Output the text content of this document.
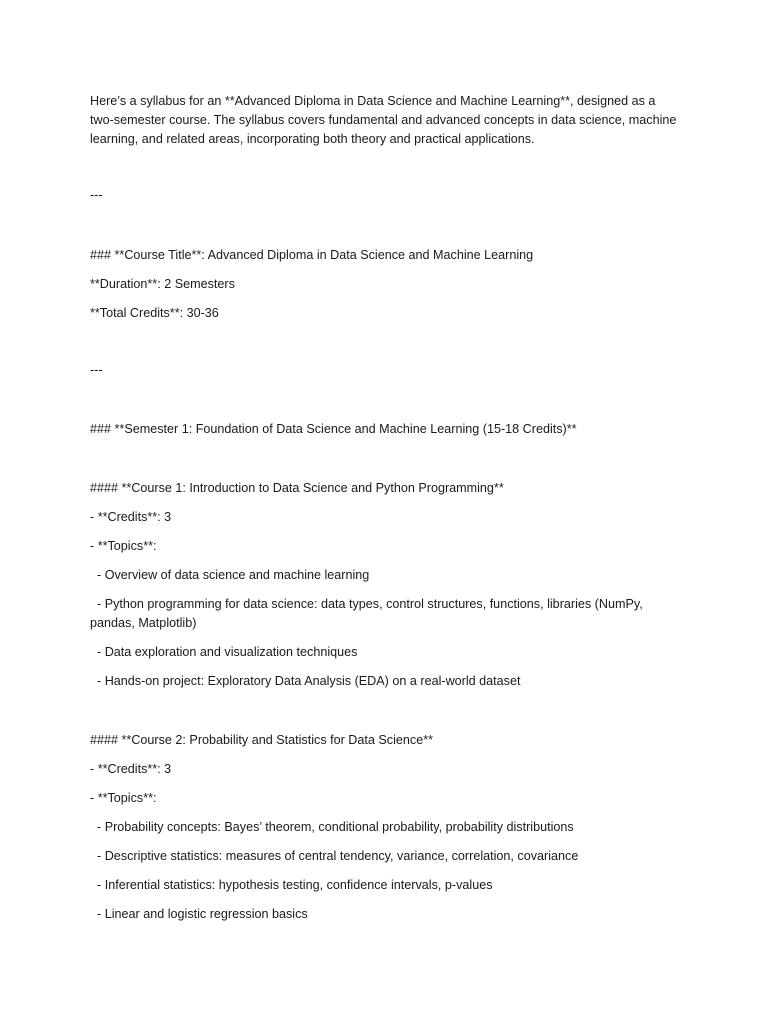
Here’s a syllabus for an **Advanced Diploma in Data Science and Machine Learning**, designed as a two-semester course. The syllabus covers fundamental and advanced concepts in data science, machine learning, and related areas, incorporating both theory and practical applications.

---

### **Course Title**: Advanced Diploma in Data Science and Machine Learning

**Duration**: 2 Semesters

**Total Credits**: 30-36

---

### **Semester 1: Foundation of Data Science and Machine Learning (15-18 Credits)**

#### **Course 1: Introduction to Data Science and Python Programming**

- **Credits**: 3

- **Topics**:

- Overview of data science and machine learning

- Python programming for data science: data types, control structures, functions, libraries (NumPy, pandas, Matplotlib)

- Data exploration and visualization techniques

- Hands-on project: Exploratory Data Analysis (EDA) on a real-world dataset

#### **Course 2: Probability and Statistics for Data Science**

- **Credits**: 3

- **Topics**:

- Probability concepts: Bayes’ theorem, conditional probability, probability distributions

- Descriptive statistics: measures of central tendency, variance, correlation, covariance

- Inferential statistics: hypothesis testing, confidence intervals, p-values

- Linear and logistic regression basics
